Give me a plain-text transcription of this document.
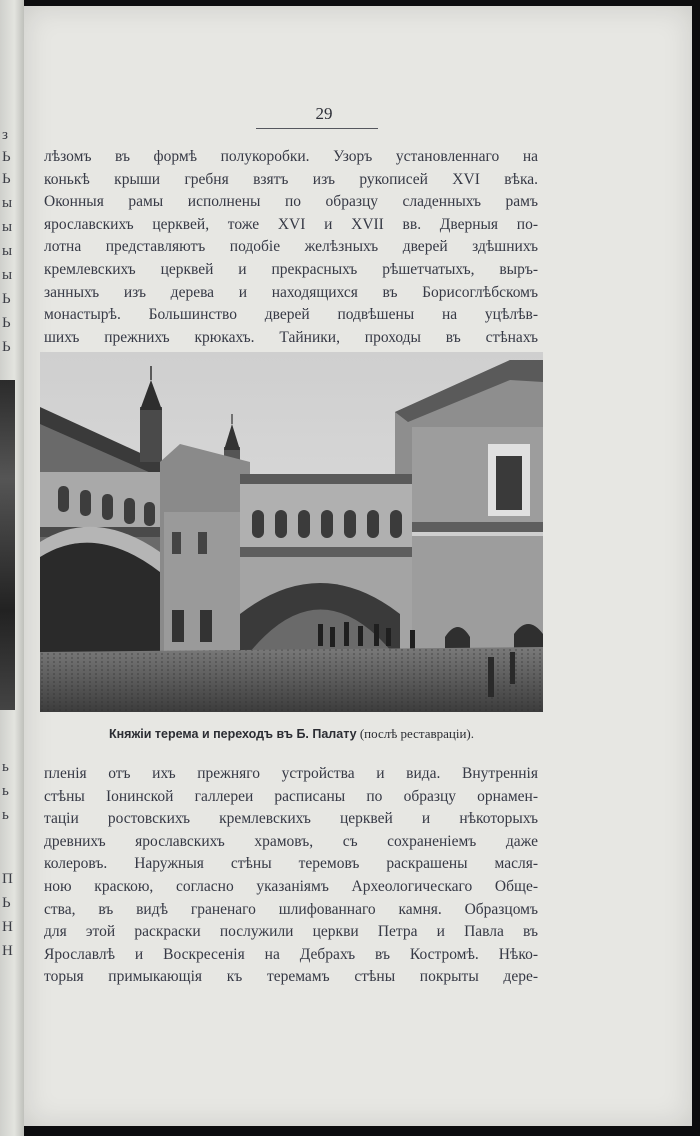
з
Ь
Ь
ы
ы
ы
ы
Ь
Ь
Ь
ь
ь
ь
П
Ь
Н
Н
29

лѣзомъ въ формѣ полукоробки. Узоръ установленнаго на
конькѣ крыши гребня взятъ изъ рукописей XVI вѣка.
Оконныя рамы исполнены по образцу сладенныхъ рамъ
ярославскихъ церквей, тоже XVI и XVII вв. Дверныя по-
лотна представляютъ подобіе желѣзныхъ дверей здѣшнихъ
кремлевскихъ церквей и прекрасныхъ рѣшетчатыхъ, выръ-
занныхъ изъ дерева и находящихся въ Борисоглѣбскомъ
монастырѣ. Большинство дверей подвѣшены на уцѣлѣв-
шихъ прежнихъ крюкахъ. Тайники, проходы въ стѣнахъ

Княжіи терема и переходъ въ Б. Палату (послѣ реставраціи).

пленія отъ ихъ прежняго устройства и вида. Внутреннія
стѣны Іонинской галлереи расписаны по образцу орнамен-
таціи ростовскихъ кремлевскихъ церквей и нѣкоторыхъ
древнихъ ярославскихъ храмовъ, съ сохраненіемъ даже
колеровъ. Наружныя стѣны теремовъ раскрашены масля-
ною краскою, согласно указаніямъ Археологическаго Обще-
ства, въ видѣ граненаго шлифованнаго камня. Образцомъ
для этой раскраски послужили церкви Петра и Павла въ
Ярославлѣ и Воскресенія на Дебрахъ въ Костромѣ. Нѣко-
торыя примыкающія къ теремамъ стѣны покрыты дере-
